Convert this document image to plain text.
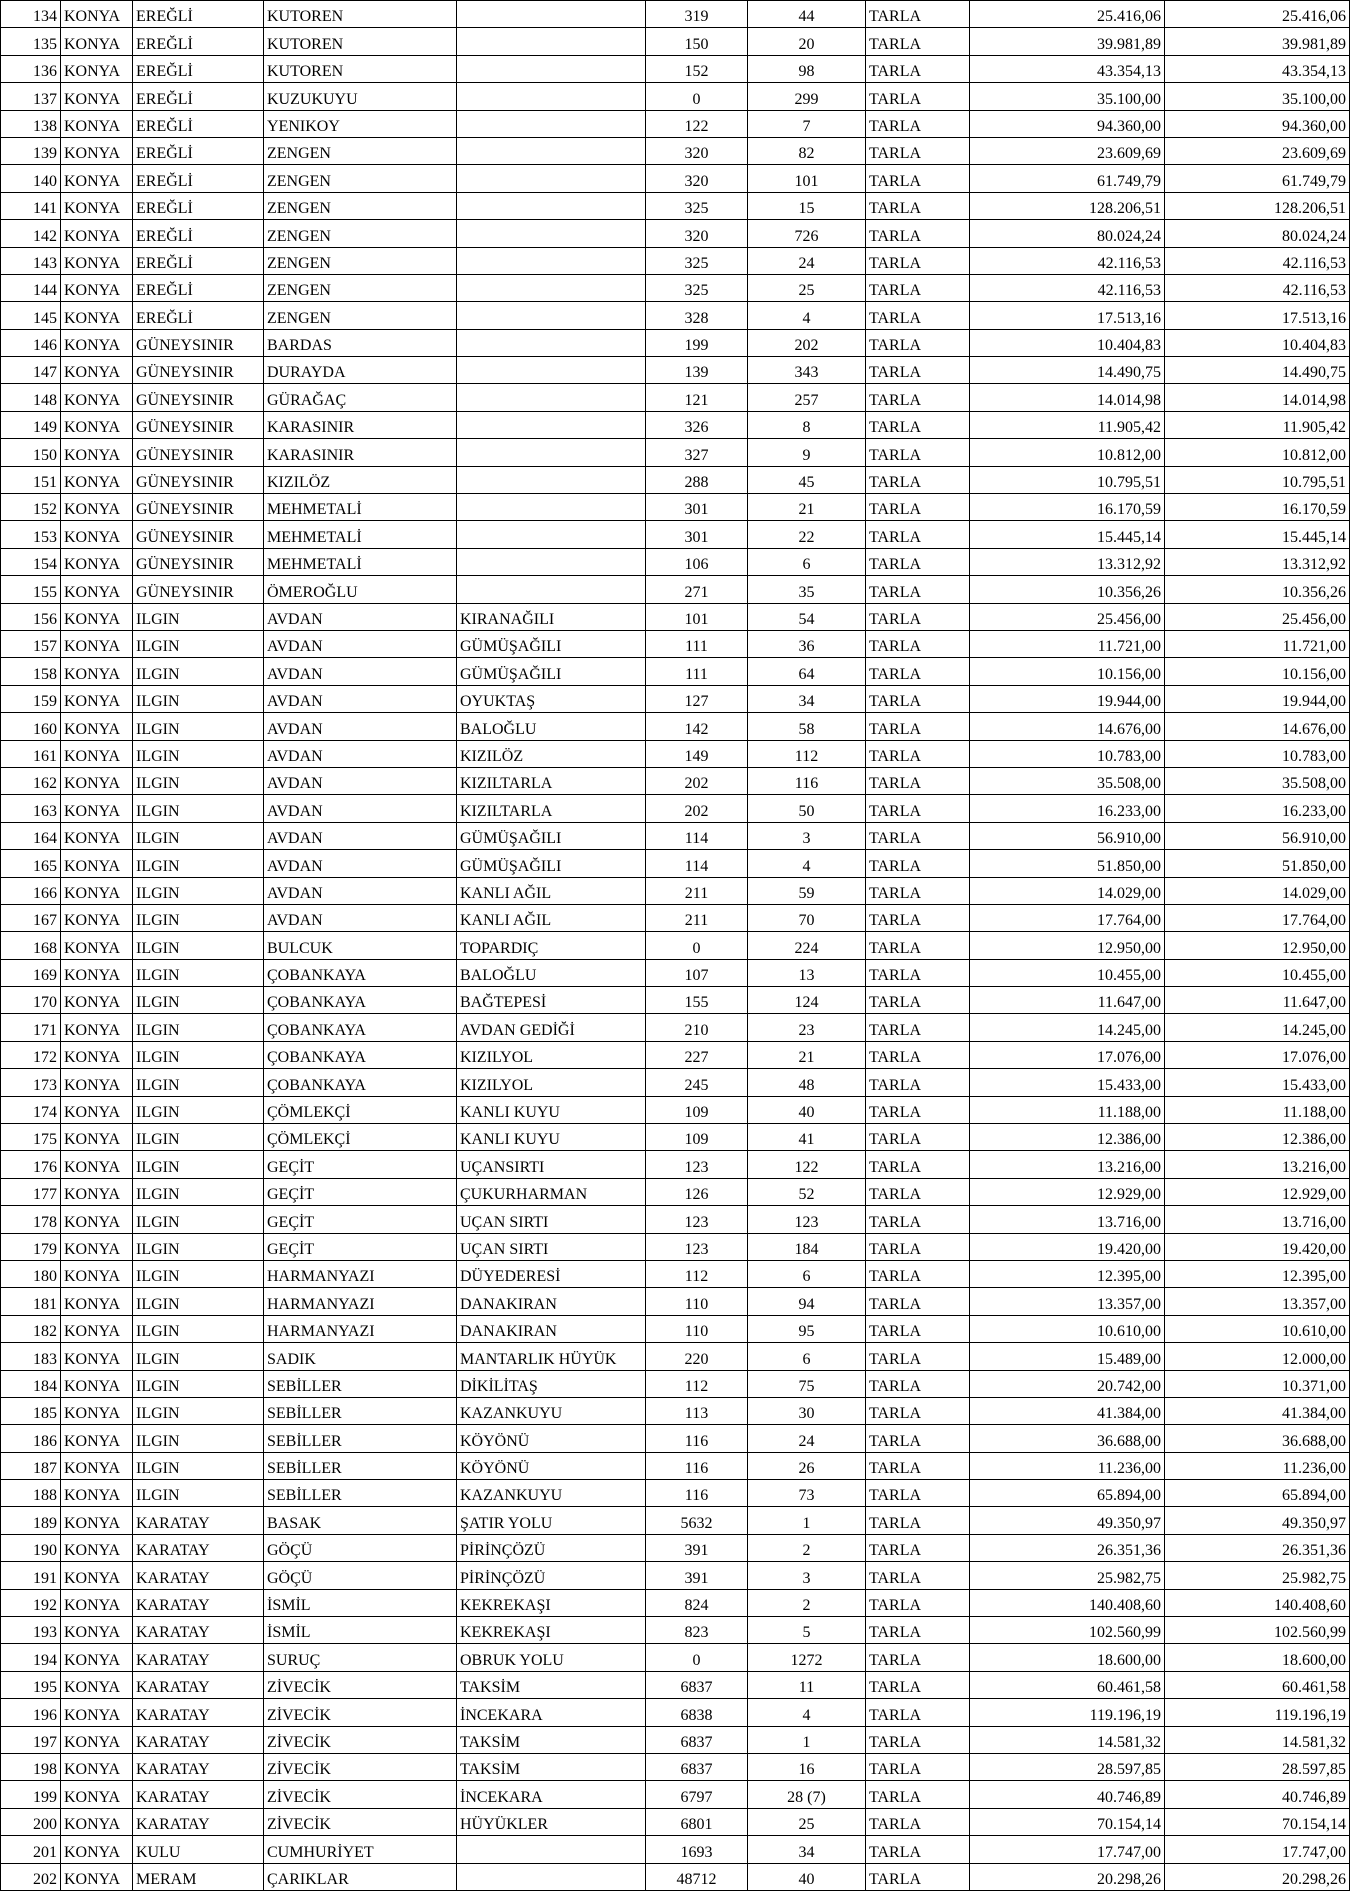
134	KONYA	EREĞLİ	KUTOREN		319	44	TARLA	25.416,06	25.416,06
135	KONYA	EREĞLİ	KUTOREN		150	20	TARLA	39.981,89	39.981,89
136	KONYA	EREĞLİ	KUTOREN		152	98	TARLA	43.354,13	43.354,13
137	KONYA	EREĞLİ	KUZUKUYU		0	299	TARLA	35.100,00	35.100,00
138	KONYA	EREĞLİ	YENIKOY		122	7	TARLA	94.360,00	94.360,00
139	KONYA	EREĞLİ	ZENGEN		320	82	TARLA	23.609,69	23.609,69
140	KONYA	EREĞLİ	ZENGEN		320	101	TARLA	61.749,79	61.749,79
141	KONYA	EREĞLİ	ZENGEN		325	15	TARLA	128.206,51	128.206,51
142	KONYA	EREĞLİ	ZENGEN		320	726	TARLA	80.024,24	80.024,24
143	KONYA	EREĞLİ	ZENGEN		325	24	TARLA	42.116,53	42.116,53
144	KONYA	EREĞLİ	ZENGEN		325	25	TARLA	42.116,53	42.116,53
145	KONYA	EREĞLİ	ZENGEN		328	4	TARLA	17.513,16	17.513,16
146	KONYA	GÜNEYSINIR	BARDAS		199	202	TARLA	10.404,83	10.404,83
147	KONYA	GÜNEYSINIR	DURAYDA		139	343	TARLA	14.490,75	14.490,75
148	KONYA	GÜNEYSINIR	GÜRAĞAÇ		121	257	TARLA	14.014,98	14.014,98
149	KONYA	GÜNEYSINIR	KARASINIR		326	8	TARLA	11.905,42	11.905,42
150	KONYA	GÜNEYSINIR	KARASINIR		327	9	TARLA	10.812,00	10.812,00
151	KONYA	GÜNEYSINIR	KIZILÖZ		288	45	TARLA	10.795,51	10.795,51
152	KONYA	GÜNEYSINIR	MEHMETALİ		301	21	TARLA	16.170,59	16.170,59
153	KONYA	GÜNEYSINIR	MEHMETALİ		301	22	TARLA	15.445,14	15.445,14
154	KONYA	GÜNEYSINIR	MEHMETALİ		106	6	TARLA	13.312,92	13.312,92
155	KONYA	GÜNEYSINIR	ÖMEROĞLU		271	35	TARLA	10.356,26	10.356,26
156	KONYA	ILGIN	AVDAN	KIRANAĞILI	101	54	TARLA	25.456,00	25.456,00
157	KONYA	ILGIN	AVDAN	GÜMÜŞAĞILI	111	36	TARLA	11.721,00	11.721,00
158	KONYA	ILGIN	AVDAN	GÜMÜŞAĞILI	111	64	TARLA	10.156,00	10.156,00
159	KONYA	ILGIN	AVDAN	OYUKTAŞ	127	34	TARLA	19.944,00	19.944,00
160	KONYA	ILGIN	AVDAN	BALOĞLU	142	58	TARLA	14.676,00	14.676,00
161	KONYA	ILGIN	AVDAN	KIZILÖZ	149	112	TARLA	10.783,00	10.783,00
162	KONYA	ILGIN	AVDAN	KIZILTARLA	202	116	TARLA	35.508,00	35.508,00
163	KONYA	ILGIN	AVDAN	KIZILTARLA	202	50	TARLA	16.233,00	16.233,00
164	KONYA	ILGIN	AVDAN	GÜMÜŞAĞILI	114	3	TARLA	56.910,00	56.910,00
165	KONYA	ILGIN	AVDAN	GÜMÜŞAĞILI	114	4	TARLA	51.850,00	51.850,00
166	KONYA	ILGIN	AVDAN	KANLI AĞIL	211	59	TARLA	14.029,00	14.029,00
167	KONYA	ILGIN	AVDAN	KANLI AĞIL	211	70	TARLA	17.764,00	17.764,00
168	KONYA	ILGIN	BULCUK	TOPARDIÇ	0	224	TARLA	12.950,00	12.950,00
169	KONYA	ILGIN	ÇOBANKAYA	BALOĞLU	107	13	TARLA	10.455,00	10.455,00
170	KONYA	ILGIN	ÇOBANKAYA	BAĞTEPESİ	155	124	TARLA	11.647,00	11.647,00
171	KONYA	ILGIN	ÇOBANKAYA	AVDAN GEDİĞİ	210	23	TARLA	14.245,00	14.245,00
172	KONYA	ILGIN	ÇOBANKAYA	KIZILYOL	227	21	TARLA	17.076,00	17.076,00
173	KONYA	ILGIN	ÇOBANKAYA	KIZILYOL	245	48	TARLA	15.433,00	15.433,00
174	KONYA	ILGIN	ÇÖMLEKÇİ	KANLI KUYU	109	40	TARLA	11.188,00	11.188,00
175	KONYA	ILGIN	ÇÖMLEKÇİ	KANLI KUYU	109	41	TARLA	12.386,00	12.386,00
176	KONYA	ILGIN	GEÇİT	UÇANSIRTI	123	122	TARLA	13.216,00	13.216,00
177	KONYA	ILGIN	GEÇİT	ÇUKURHARMAN	126	52	TARLA	12.929,00	12.929,00
178	KONYA	ILGIN	GEÇİT	UÇAN SIRTI	123	123	TARLA	13.716,00	13.716,00
179	KONYA	ILGIN	GEÇİT	UÇAN SIRTI	123	184	TARLA	19.420,00	19.420,00
180	KONYA	ILGIN	HARMANYAZI	DÜYEDERESİ	112	6	TARLA	12.395,00	12.395,00
181	KONYA	ILGIN	HARMANYAZI	DANAKIRAN	110	94	TARLA	13.357,00	13.357,00
182	KONYA	ILGIN	HARMANYAZI	DANAKIRAN	110	95	TARLA	10.610,00	10.610,00
183	KONYA	ILGIN	SADIK	MANTARLIK HÜYÜK	220	6	TARLA	15.489,00	12.000,00
184	KONYA	ILGIN	SEBİLLER	DİKİLİTAŞ	112	75	TARLA	20.742,00	10.371,00
185	KONYA	ILGIN	SEBİLLER	KAZANKUYU	113	30	TARLA	41.384,00	41.384,00
186	KONYA	ILGIN	SEBİLLER	KÖYÖNÜ	116	24	TARLA	36.688,00	36.688,00
187	KONYA	ILGIN	SEBİLLER	KÖYÖNÜ	116	26	TARLA	11.236,00	11.236,00
188	KONYA	ILGIN	SEBİLLER	KAZANKUYU	116	73	TARLA	65.894,00	65.894,00
189	KONYA	KARATAY	BASAK	ŞATIR YOLU	5632	1	TARLA	49.350,97	49.350,97
190	KONYA	KARATAY	GÖÇÜ	PİRİNÇÖZÜ	391	2	TARLA	26.351,36	26.351,36
191	KONYA	KARATAY	GÖÇÜ	PİRİNÇÖZÜ	391	3	TARLA	25.982,75	25.982,75
192	KONYA	KARATAY	İSMİL	KEKREKAŞI	824	2	TARLA	140.408,60	140.408,60
193	KONYA	KARATAY	İSMİL	KEKREKAŞI	823	5	TARLA	102.560,99	102.560,99
194	KONYA	KARATAY	SURUÇ	OBRUK YOLU	0	1272	TARLA	18.600,00	18.600,00
195	KONYA	KARATAY	ZİVECİK	TAKSİM	6837	11	TARLA	60.461,58	60.461,58
196	KONYA	KARATAY	ZİVECİK	İNCEKARA	6838	4	TARLA	119.196,19	119.196,19
197	KONYA	KARATAY	ZİVECİK	TAKSİM	6837	1	TARLA	14.581,32	14.581,32
198	KONYA	KARATAY	ZİVECİK	TAKSİM	6837	16	TARLA	28.597,85	28.597,85
199	KONYA	KARATAY	ZİVECİK	İNCEKARA	6797	28 (7)	TARLA	40.746,89	40.746,89
200	KONYA	KARATAY	ZİVECİK	HÜYÜKLER	6801	25	TARLA	70.154,14	70.154,14
201	KONYA	KULU	CUMHURİYET		1693	34	TARLA	17.747,00	17.747,00
202	KONYA	MERAM	ÇARIKLAR		48712	40	TARLA	20.298,26	20.298,26
